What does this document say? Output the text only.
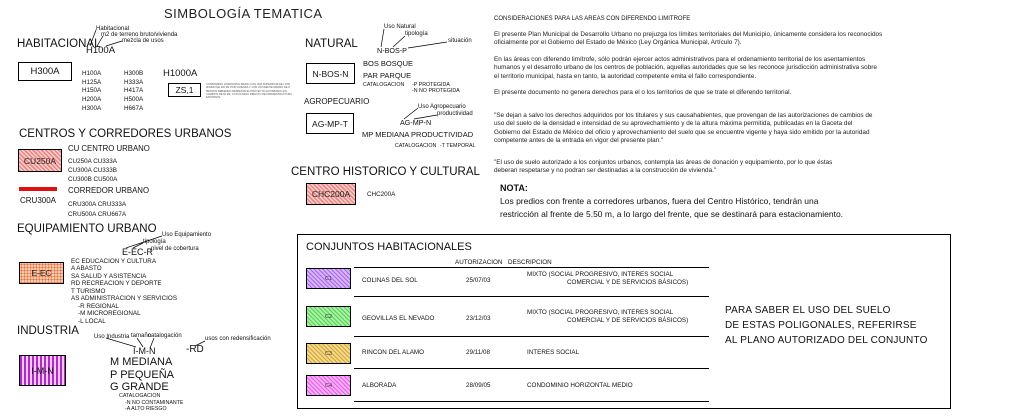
SIMBOLOGÍA TEMATICA
HABITACIONAL
Habitacional
m2 de terreno bruto/vivienda
mezcla de usos
H100A
H300A	H100A
H125A
H150A
H200A
H300A
H300B
H333A
H417A
H500A
H667A
H1000A
ZS,1
CONDOMINIO HORIZONTAL MEDIO CON UNA SUPERFICIE DE LOTE MINIMO DE 200 M2 POR VIVIENDA Y CON UN FRENTE MINIMO DE 8 METROS DEBIENDO RESPETAR EL PROYECTO AUTORIZADO EN CAMINOS DE 50 M2, CON ACCESO DIRECTO DE INFRAESTRUCTURA EXISTENTE
CENTROS Y CORREDORES URBANOS
CU250A
CU CENTRO URBANO
CU250A CU333A
CU300A CU333B
CU300B CU500A
CORREDOR URBANO
CRU300A CRU300A CRU333A
CRU500A CRU667A
EQUIPAMIENTO URBANO Uso Equipamiento
tipología
nivel de cobertura
E-EC-R
E-EC
EC EDUCACION Y CULTURA
A ABASTO
SA SALUD Y ASISTENCIA
RD RECREACION Y DEPORTE
T TURISMO
AS ADMINISTRACION Y SERVICIOS
-R REGIONAL
-M MICROREGIONAL
-L LOCAL
INDUSTRIA	Uso Industria tamaño
catalogación	usos con redensificación
I-M-N	-RD
I-M-N
M MEDIANA
P PEQUEÑA
G GRANDE
CATALOGACION
-N NO CONTAMINANTE
-A ALTO RIESGO
NATURAL
Uso Natural
tipología
situación
N-BOS-P
N-BOS-N
BOS BOSQUE
PAR PARQUE
CATALOGACION -P PROTEGIDA
-N NO PROTEGIDA
AGROPECUARIO
Uso Agropecuario
productividad
AG-MP-N
AG-MP-T
MP MEDIANA PRODUCTIVIDAD
CATALOGACION -T TEMPORAL
CENTRO HISTORICO Y CULTURAL
CHC200A	CHC200A
CONSIDERACIONES PARA LAS AREAS CON DIFERENDO LIMITROFE
El presente Plan Municipal de Desarrollo Urbano no prejuzga los límites territoriales del Municipio, únicamente considera los reconocidos
oficialmente por el Gobierno del Estado de México (Ley Orgánica Municipal, Artículo 7).
En las áreas con diferendo limítrofe, sólo podrán ejercer actos administrativos para el ordenamiento territorial de los asentamientos
humanos y el desarrollo urbano de los centros de población, aquellas autoridades que se les reconoce jurisdicción administrativa sobre
el territorio municipal, hasta en tanto, la autoridad competente emita el fallo correspondiente.
El presente documento no genera derechos para el o los territorios de que se trate el diferendo territorial.
"Se dejan a salvo los derechos adquiridos por los titulares y sus causahabientes, que provengan de las autorizaciones de cambios de
uso del suelo de la densidad e intensidad de su aprovechamiento y de la altura máxima permitida, publicadas en la Gaceta del
Gobierno del Estado de México del oficio y aprovechamiento del suelo que se encuentre vigente y haya sido emitido por la autoridad
competente antes de la entrada en vigor del presente plan."
"El uso de suelo autorizado a los conjuntos urbanos, contempla las áreas de donación y equipamiento, por lo que éstas
deberan respetarse y no podran ser destinadas a la construcción de vivienda."
NOTA:
Los predios con frente a corredores urbanos, fuera del Centro Histórico, tendrán una
restricción al frente de 5.50 m, a lo largo del frente, que se destinará para estacionamiento.
CONJUNTOS HABITACIONALES
AUTORIZACION DESCRIPCION
C1	COLINAS DEL SOL	25/07/03
MIXTO (SOCIAL PROGRESIVO, INTERES SOCIAL
COMERCIAL Y DE SERVICIOS BÁSICOS)
C2	GEOVILLAS EL NEVADO	23/12/03
MIXTO (SOCIAL PROGRESIVO, INTERES SOCIAL
COMERCIAL Y DE SERVICIOS BÁSICOS)
C3	RINCON DEL ALAMO	29/11/08	INTERES SOCIAL
C4	ALBORADA	28/09/05	CONDOMINIO HORIZONTAL MEDIO
PARA SABER EL USO DEL SUELO
DE ESTAS POLIGONALES, REFERIRSE
AL PLANO AUTORIZADO DEL CONJUNTO
